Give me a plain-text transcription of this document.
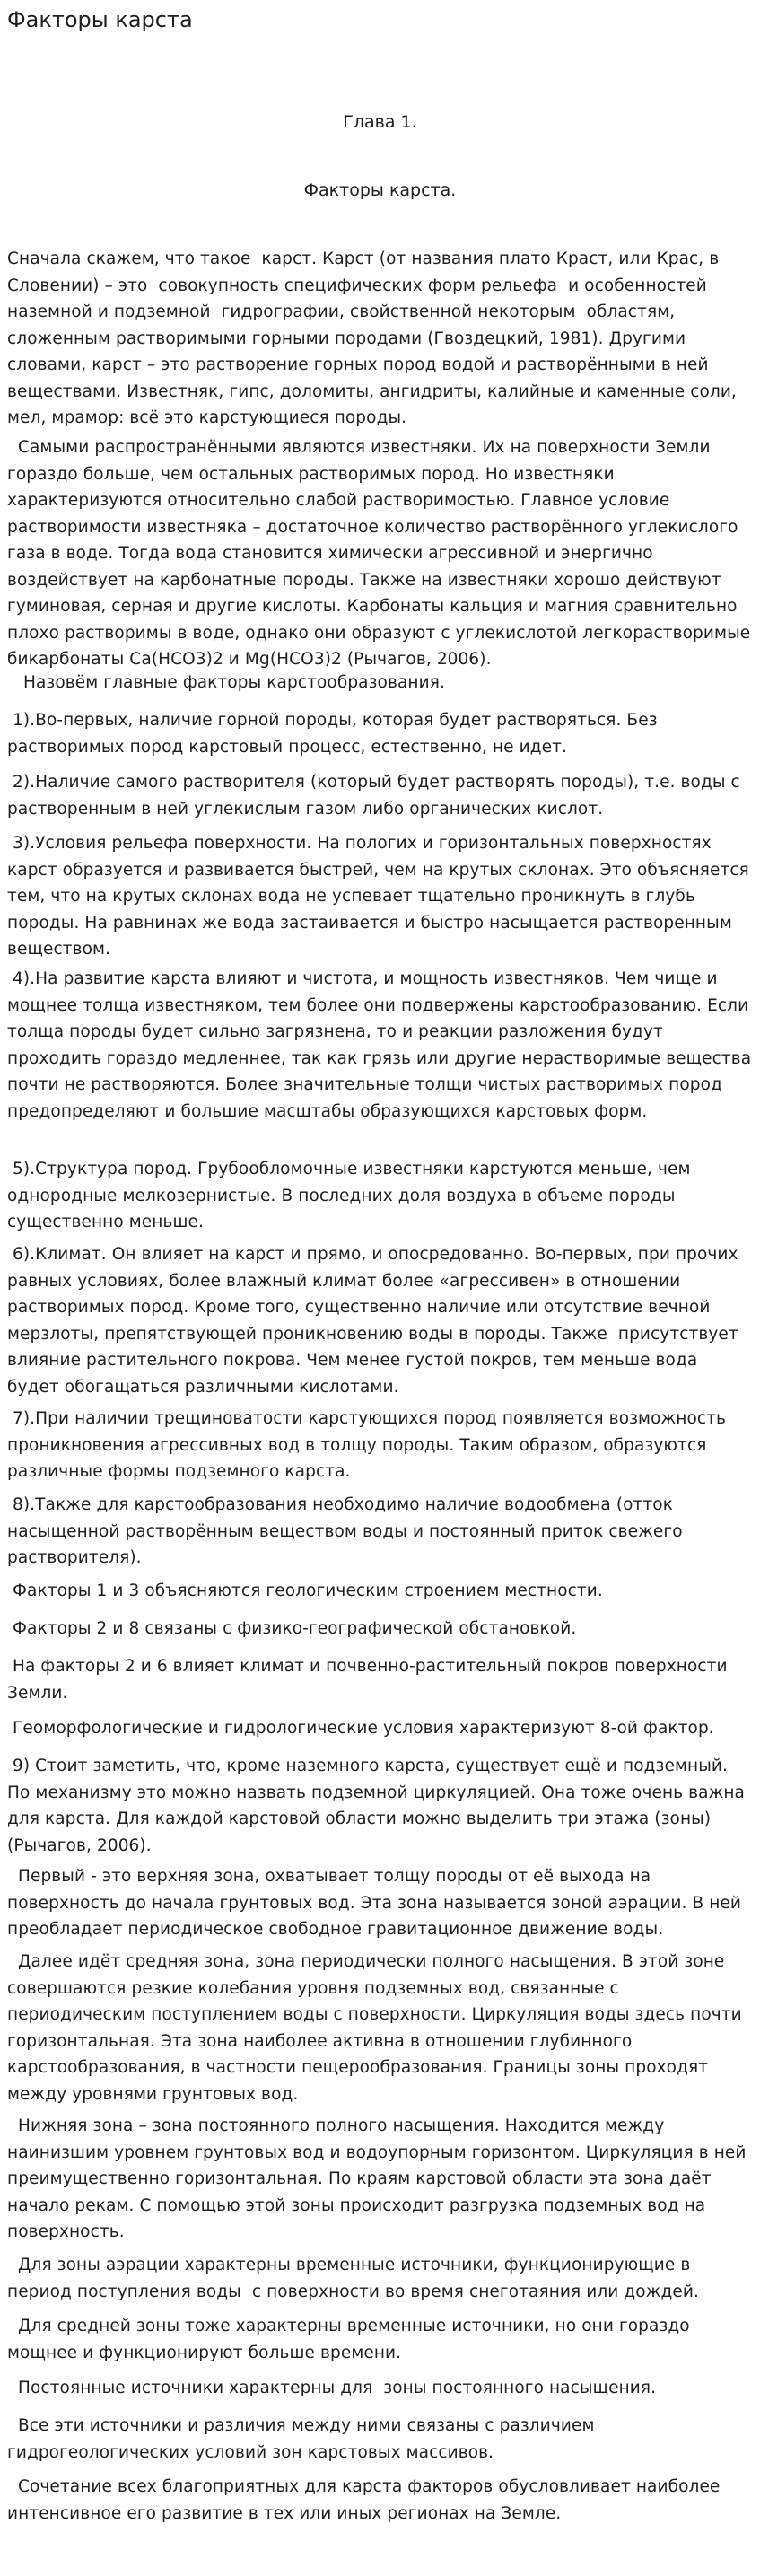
Факторы карста

Глава 1.

Факторы карста.

Сначала скажем, что такое  карст. Карст (от названия плато Краст, или Крас, в Словении) – это  совокупность специфических форм рельефа  и особенностей наземной и подземной  гидрографии, свойственной некоторым  областям, сложенным растворимыми горными породами (Гвоздецкий, 1981). Другими словами, карст – это растворение горных пород водой и растворёнными в ней веществами. Известняк, гипс, доломиты, ангидриты, калийные и каменные соли, мел, мрамор: всё это карстующиеся породы.

Самыми распространёнными являются известняки. Их на поверхности Земли гораздо больше, чем остальных растворимых пород. Но известняки характеризуются относительно слабой растворимостью. Главное условие растворимости известняка – достаточное количество растворённого углекислого газа в воде. Тогда вода становится химически агрессивной и энергично воздействует на карбонатные породы. Также на известняки хорошо действуют гуминовая, серная и другие кислоты. Карбонаты кальция и магния сравнительно плохо растворимы в воде, однако они образуют с углекислотой легкорастворимые бикарбонаты Ca(HCO3)2 и Mg(HCO3)2 (Рычагов, 2006).

Назовём главные факторы карстообразования.

1).Во-первых, наличие горной породы, которая будет растворяться. Без растворимых пород карстовый процесс, естественно, не идет.

2).Наличие самого растворителя (который будет растворять породы), т.е. воды с растворенным в ней углекислым газом либо органических кислот.

3).Условия рельефа поверхности. На пологих и горизонтальных поверхностях карст образуется и развивается быстрей, чем на крутых склонах. Это объясняется тем, что на крутых склонах вода не успевает тщательно проникнуть в глубь породы. На равнинах же вода застаивается и быстро насыщается растворенным веществом.

4).На развитие карста влияют и чистота, и мощность известняков. Чем чище и мощнее толща известняком, тем более они подвержены карстообразованию. Если толща породы будет сильно загрязнена, то и реакции разложения будут проходить гораздо медленнее, так как грязь или другие нерастворимые вещества почти не растворяются. Более значительные толщи чистых растворимых пород предопределяют и большие масштабы образующихся карстовых форм.

5).Структура пород. Грубообломочные известняки карстуются меньше, чем однородные мелкозернистые. В последних доля воздуха в объеме породы существенно меньше.

6).Климат. Он влияет на карст и прямо, и опосредованно. Во-первых, при прочих равных условиях, более влажный климат более «агрессивен» в отношении растворимых пород. Кроме того, существенно наличие или отсутствие вечной мерзлоты, препятствующей проникновению воды в породы. Также  присутствует влияние растительного покрова. Чем менее густой покров, тем меньше вода будет обогащаться различными кислотами.

7).При наличии трещиноватости карстующихся пород появляется возможность проникновения агрессивных вод в толщу породы. Таким образом, образуются различные формы подземного карста.

8).Также для карстообразования необходимо наличие водообмена (отток насыщенной растворённым веществом воды и постоянный приток свежего растворителя).

Факторы 1 и 3 объясняются геологическим строением местности.

Факторы 2 и 8 связаны с физико-географической обстановкой.

На факторы 2 и 6 влияет климат и почвенно-растительный покров поверхности Земли.

Геоморфологические и гидрологические условия характеризуют 8-ой фактор.

9) Стоит заметить, что, кроме наземного карста, существует ещё и подземный. По механизму это можно назвать подземной циркуляцией. Она тоже очень важна для карста. Для каждой карстовой области можно выделить три этажа (зоны) (Рычагов, 2006).

Первый - это верхняя зона, охватывает толщу породы от её выхода на поверхность до начала грунтовых вод. Эта зона называется зоной аэрации. В ней преобладает периодическое свободное гравитационное движение воды.

Далее идёт средняя зона, зона периодически полного насыщения. В этой зоне совершаются резкие колебания уровня подземных вод, связанные с периодическим поступлением воды с поверхности. Циркуляция воды здесь почти горизонтальная. Эта зона наиболее активна в отношении глубинного карстообразования, в частности пещерообразования. Границы зоны проходят между уровнями грунтовых вод.

Нижняя зона – зона постоянного полного насыщения. Находится между наинизшим уровнем грунтовых вод и водоупорным горизонтом. Циркуляция в ней преимущественно горизонтальная. По краям карстовой области эта зона даёт начало рекам. С помощью этой зоны происходит разгрузка подземных вод на поверхность.

Для зоны аэрации характерны временные источники, функционирующие в период поступления воды  с поверхности во время снеготаяния или дождей.

Для средней зоны тоже характерны временные источники, но они гораздо мощнее и функционируют больше времени.

Постоянные источники характерны для  зоны постоянного насыщения.

Все эти источники и различия между ними связаны с различием гидрогеологических условий зон карстовых массивов.

Сочетание всех благоприятных для карста факторов обусловливает наиболее интенсивное его развитие в тех или иных регионах на Земле.
